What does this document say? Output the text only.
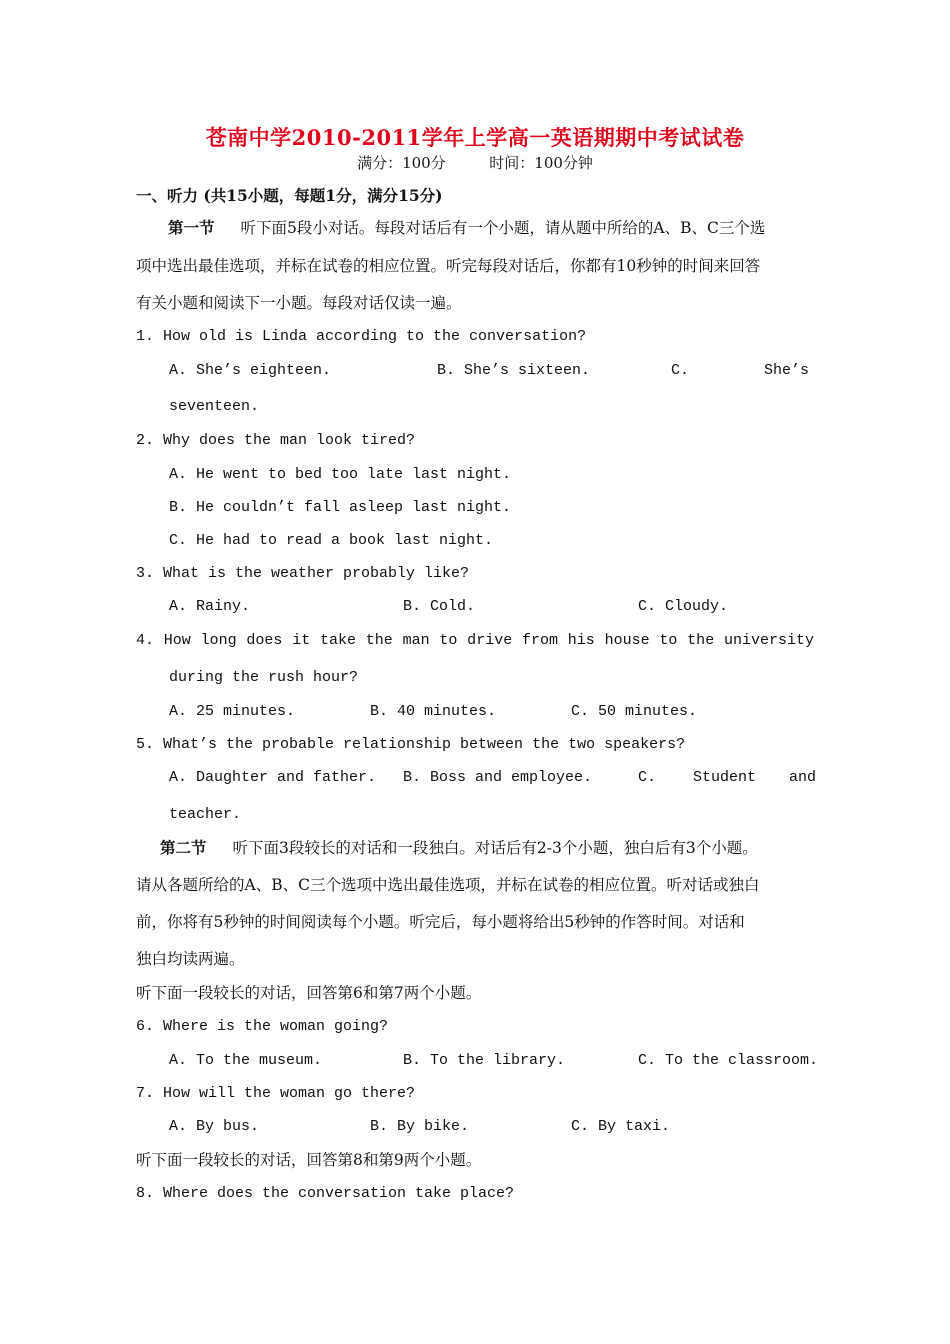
苍南中学2010-2011学年上学高一英语期期中考试试卷
满分：100分	时间：100分钟
一、听力 (共15小题，每题1分，满分15分)
第一节 听下面5段小对话。每段对话后有一个小题，请从题中所给的A、B、C三个选
项中选出最佳选项，并标在试卷的相应位置。听完每段对话后，你都有10秒钟的时间来回答
有关小题和阅读下一小题。每段对话仅读一遍。
1. How old is Linda according to the conversation?
A. She’s eighteen.	B. She’s sixteen.	C.	She’s
seventeen.
2. Why does the man look tired?
A. He went to bed too late last night.
B. He couldn’t fall asleep last night.
C. He had to read a book last night.
3. What is the weather probably like?
A. Rainy.	B. Cold.	C. Cloudy.
4. How long does it take the man to drive from his house to the university
during the rush hour?
A. 25 minutes.	B. 40 minutes.	C. 50 minutes.
5. What’s the probable relationship between the two speakers?
A. Daughter and father. B. Boss and employee.	C. Student and
teacher.
第二节 听下面3段较长的对话和一段独白。对话后有2-3个小题，独白后有3个小题。
请从各题所给的A、B、C三个选项中选出最佳选项，并标在试卷的相应位置。听对话或独白
前，你将有5秒钟的时间阅读每个小题。听完后，每小题将给出5秒钟的作答时间。对话和
独白均读两遍。
听下面一段较长的对话，回答第6和第7两个小题。
6. Where is the woman going?
A. To the museum.	B. To the library.	C. To the classroom.
7. How will the woman go there?
A. By bus.	B. By bike.	C. By taxi.
听下面一段较长的对话，回答第8和第9两个小题。
8. Where does the conversation take place?
